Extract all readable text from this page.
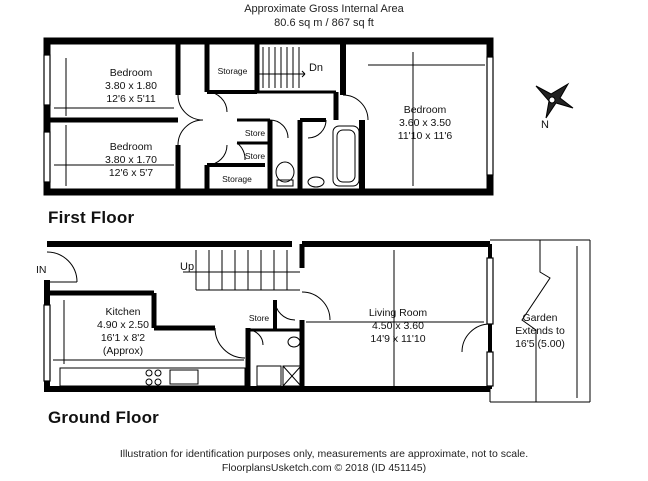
Approximate Gross Internal Area
80.6 sq m / 867 sq ft
N
Bedroom
3.80 x 1.80
12'6 x 5'11
Bedroom
3.80 x 1.70
12'6 x 5'7
Bedroom
3.60 x 3.50
11'10 x 11'6
Storage
Storage
Store
Store
Dn
First Floor
IN	Up
Kitchen
4.90 x 2.50
16'1 x 8'2
(Approx)
Living Room
4.50 x 3.60
14'9 x 11'10
Garden
Extends to
16'5 (5.00)
Store
Ground Floor
Illustration for identification purposes only, measurements are approximate, not to scale.
FloorplansUsketch.com © 2018 (ID 451145)
